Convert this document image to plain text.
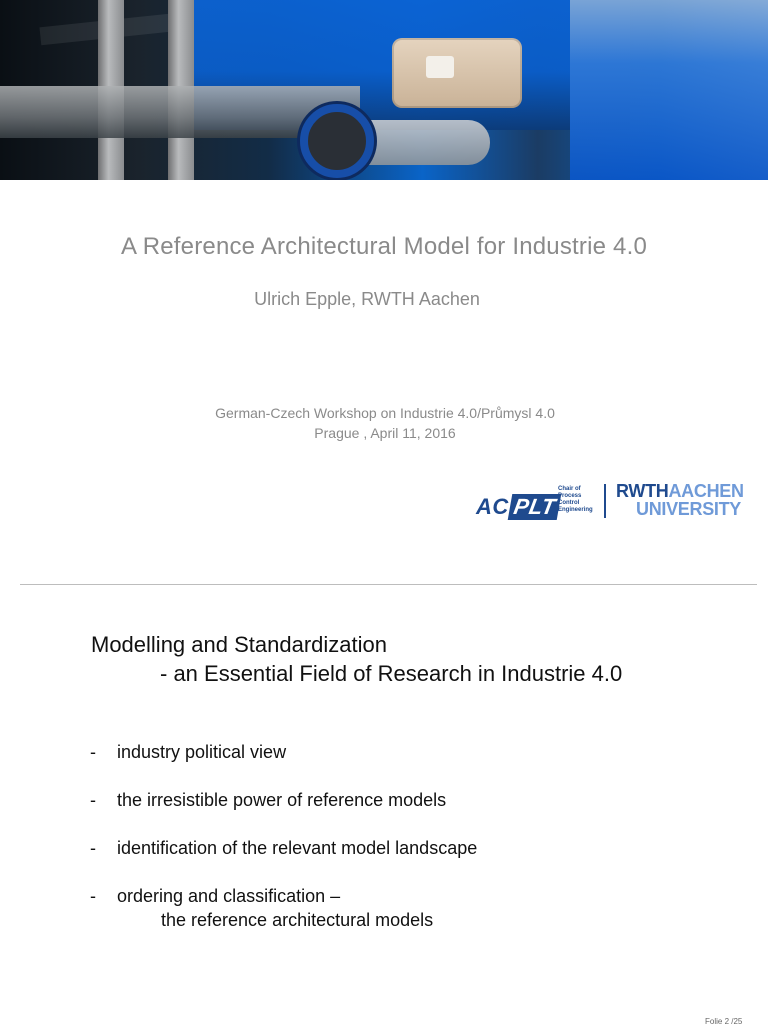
A Reference Architectural Model for Industrie 4.0
Ulrich Epple, RWTH Aachen
German-Czech Workshop on Industrie 4.0/Průmysl 4.0
Prague , April 11, 2016
AC PLT
Chair of
Process
Control
Engineering
RWTHAACHEN
UNIVERSITY
Modelling and Standardization
- an Essential Field of Research in Industrie 4.0
-	industry political view
-	the irresistible power of reference models
-	identification of the relevant model landscape
-	ordering and classification –
the reference architectural models
Folie 2 /25
